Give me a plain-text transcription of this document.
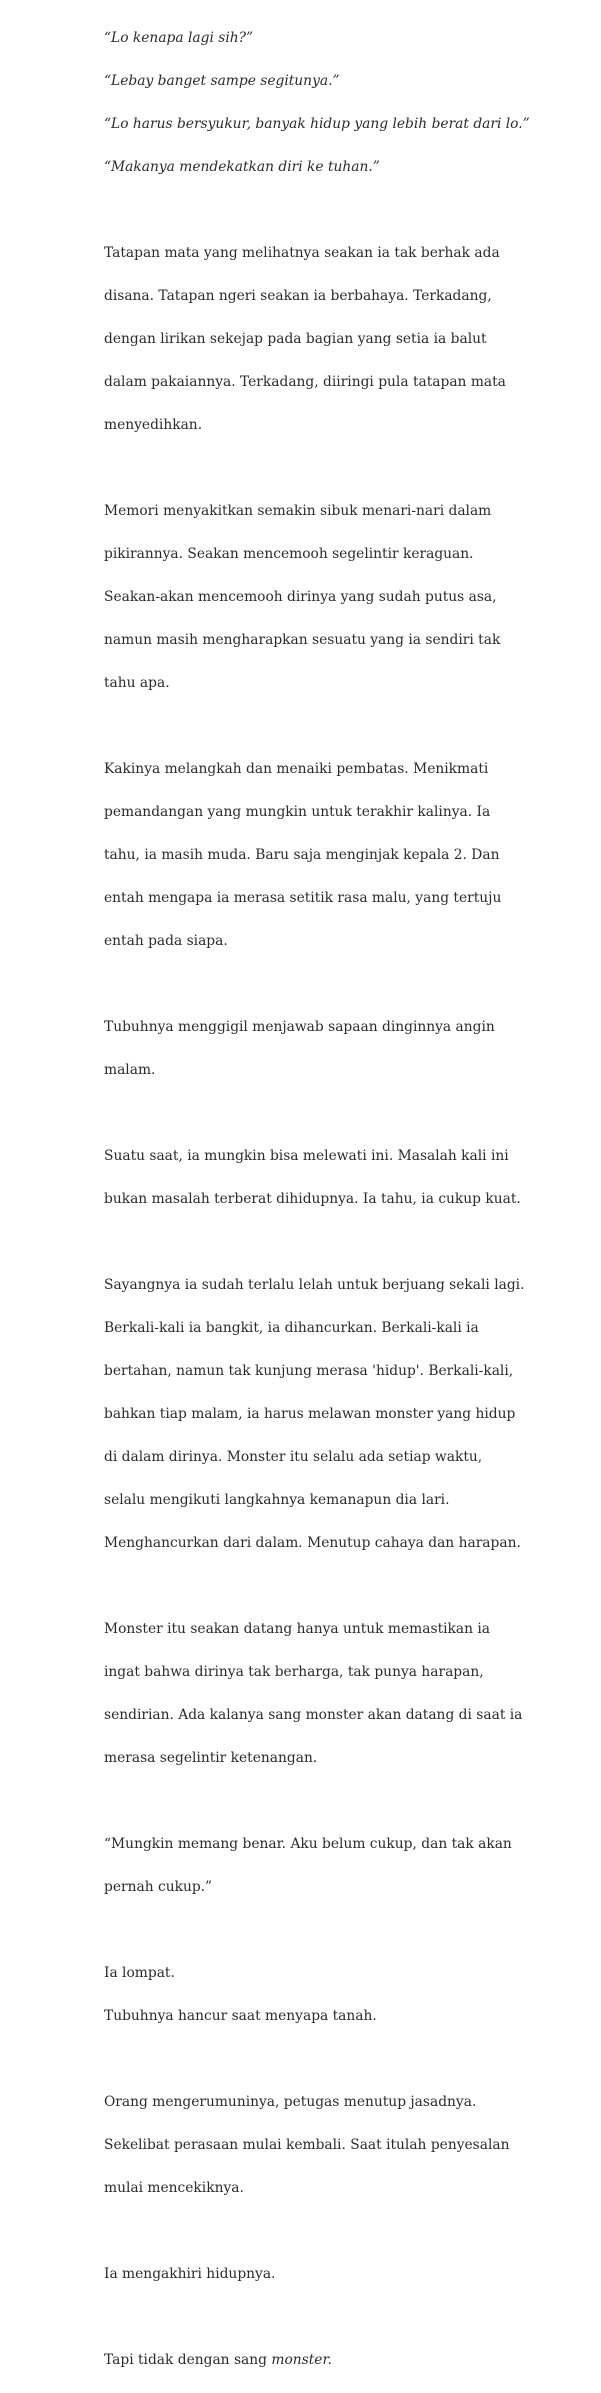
“Lo kenapa lagi sih?”

“Lebay banget sampe segitunya.”

“Lo harus bersyukur, banyak hidup yang lebih berat dari lo.”

“Makanya mendekatkan diri ke tuhan.”

Tatapan mata yang melihatnya seakan ia tak berhak ada

disana. Tatapan ngeri seakan ia berbahaya. Terkadang,

dengan lirikan sekejap pada bagian yang setia ia balut

dalam pakaiannya. Terkadang, diiringi pula tatapan mata

menyedihkan.

Memori menyakitkan semakin sibuk menari-nari dalam

pikirannya. Seakan mencemooh segelintir keraguan.

Seakan-akan mencemooh dirinya yang sudah putus asa,

namun masih mengharapkan sesuatu yang ia sendiri tak

tahu apa.

Kakinya melangkah dan menaiki pembatas. Menikmati

pemandangan yang mungkin untuk terakhir kalinya. Ia

tahu, ia masih muda. Baru saja menginjak kepala 2. Dan

entah mengapa ia merasa setitik rasa malu, yang tertuju

entah pada siapa.

Tubuhnya menggigil menjawab sapaan dinginnya angin

malam.

Suatu saat, ia mungkin bisa melewati ini. Masalah kali ini

bukan masalah terberat dihidupnya. Ia tahu, ia cukup kuat.

Sayangnya ia sudah terlalu lelah untuk berjuang sekali lagi.

Berkali-kali ia bangkit, ia dihancurkan. Berkali-kali ia

bertahan, namun tak kunjung merasa 'hidup'. Berkali-kali,

bahkan tiap malam, ia harus melawan monster yang hidup

di dalam dirinya. Monster itu selalu ada setiap waktu,

selalu mengikuti langkahnya kemanapun dia lari.

Menghancurkan dari dalam. Menutup cahaya dan harapan.

Monster itu seakan datang hanya untuk memastikan ia

ingat bahwa dirinya tak berharga, tak punya harapan,

sendirian. Ada kalanya sang monster akan datang di saat ia

merasa segelintir ketenangan.

“Mungkin memang benar. Aku belum cukup, dan tak akan

pernah cukup.”

Ia lompat.

Tubuhnya hancur saat menyapa tanah.

Orang mengerumuninya, petugas menutup jasadnya.

Sekelibat perasaan mulai kembali. Saat itulah penyesalan

mulai mencekiknya.

Ia mengakhiri hidupnya.

Tapi tidak dengan sang monster.
